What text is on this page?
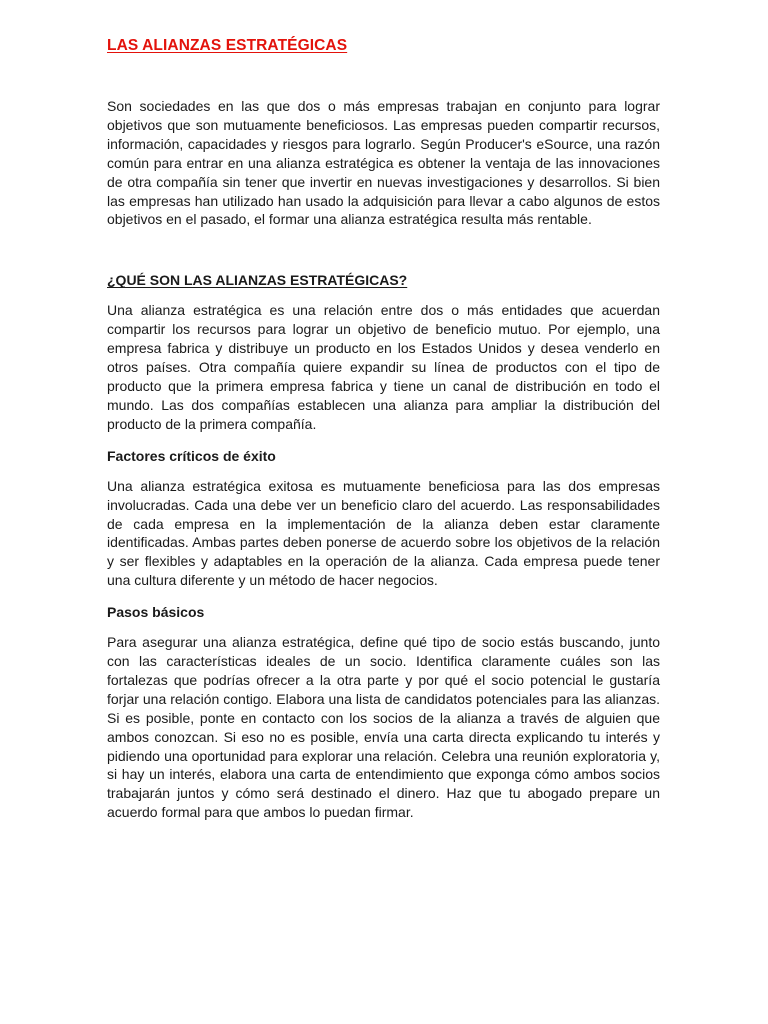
LAS ALIANZAS ESTRATÉGICAS

Son sociedades en las que dos o más empresas trabajan en conjunto para lograr objetivos que son mutuamente beneficiosos. Las empresas pueden compartir recursos, información, capacidades y riesgos para lograrlo. Según Producer's eSource, una razón común para entrar en una alianza estratégica es obtener la ventaja de las innovaciones de otra compañía sin tener que invertir en nuevas investigaciones y desarrollos. Si bien las empresas han utilizado han usado la adquisición para llevar a cabo algunos de estos objetivos en el pasado, el formar una alianza estratégica resulta más rentable.

¿QUÉ SON LAS ALIANZAS ESTRATÉGICAS?

Una alianza estratégica es una relación entre dos o más entidades que acuerdan compartir los recursos para lograr un objetivo de beneficio mutuo. Por ejemplo, una empresa fabrica y distribuye un producto en los Estados Unidos y desea venderlo en otros países. Otra compañía quiere expandir su línea de productos con el tipo de producto que la primera empresa fabrica y tiene un canal de distribución en todo el mundo. Las dos compañías establecen una alianza para ampliar la distribución del producto de la primera compañía.

Factores críticos de éxito

Una alianza estratégica exitosa es mutuamente beneficiosa para las dos empresas involucradas. Cada una debe ver un beneficio claro del acuerdo. Las responsabilidades de cada empresa en la implementación de la alianza deben estar claramente identificadas. Ambas partes deben ponerse de acuerdo sobre los objetivos de la relación y ser flexibles y adaptables en la operación de la alianza. Cada empresa puede tener una cultura diferente y un método de hacer negocios.

Pasos básicos

Para asegurar una alianza estratégica, define qué tipo de socio estás buscando, junto con las características ideales de un socio. Identifica claramente cuáles son las fortalezas que podrías ofrecer a la otra parte y por qué el socio potencial le gustaría forjar una relación contigo. Elabora una lista de candidatos potenciales para las alianzas. Si es posible, ponte en contacto con los socios de la alianza a través de alguien que ambos conozcan. Si eso no es posible, envía una carta directa explicando tu interés y pidiendo una oportunidad para explorar una relación. Celebra una reunión exploratoria y, si hay un interés, elabora una carta de entendimiento que exponga cómo ambos socios trabajarán juntos y cómo será destinado el dinero. Haz que tu abogado prepare un acuerdo formal para que ambos lo puedan firmar.
